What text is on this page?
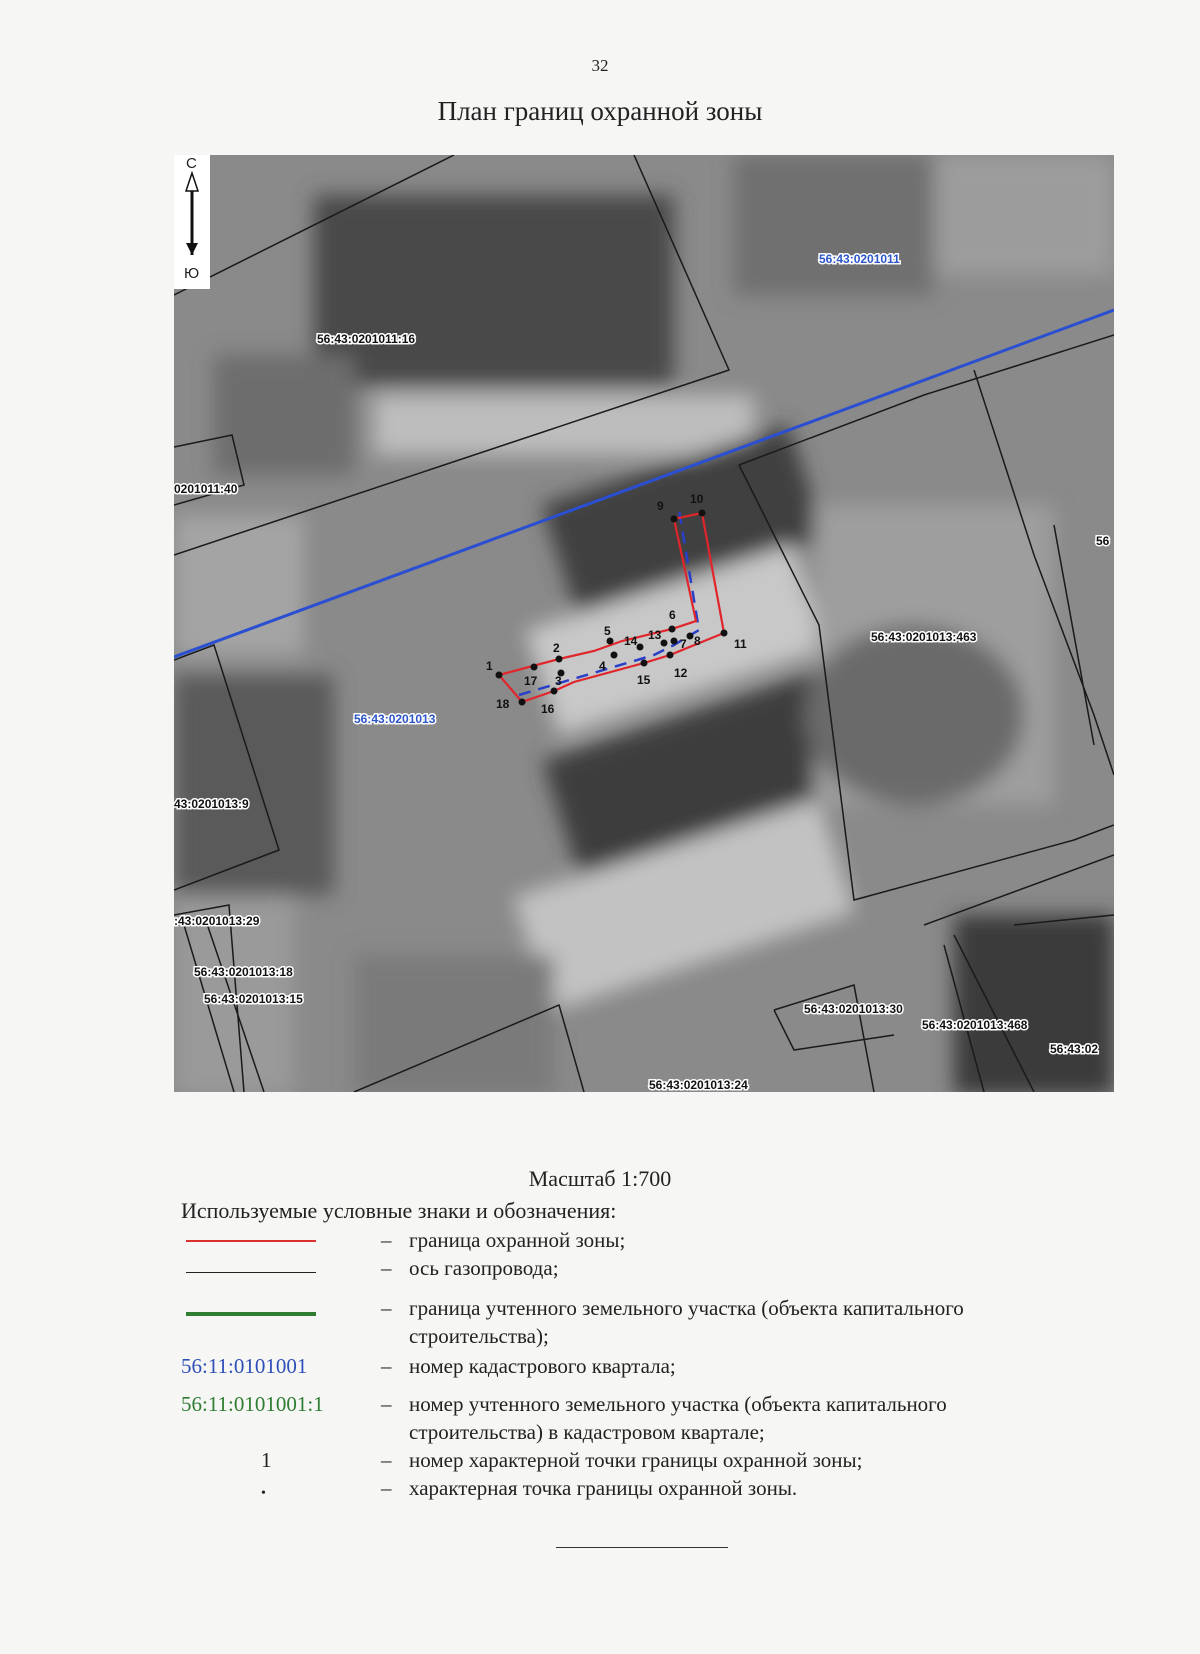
32
План границ охранной зоны
1
2
3
4
5
6
7 8
9 10
11
12
13
14
15
16
17
18
56:43:0201011
56:43:0201013
56:43:0201011:16
0201011:40
56:43:0201013:463
56
43:0201013:9
:43:0201013:29
56:43:0201013:18
56:43:0201013:15
56:43:0201013:30
56:43:0201013:468
56:43:02
56:43:0201013:24
С
Ю
Масштаб 1:700
Используемые условные знаки и обозначения:
– граница охранной зоны;
– ось газопровода;
– граница учтенного земельного участка (объекта капитального строительства);
56:11:0101001	– номер кадастрового квартала;
56:11:0101001:1	– номер учтенного земельного участка (объекта капитального строительства) в кадастровом квартале;
1	– номер характерной точки границы охранной зоны;
•	– характерная точка границы охранной зоны.
